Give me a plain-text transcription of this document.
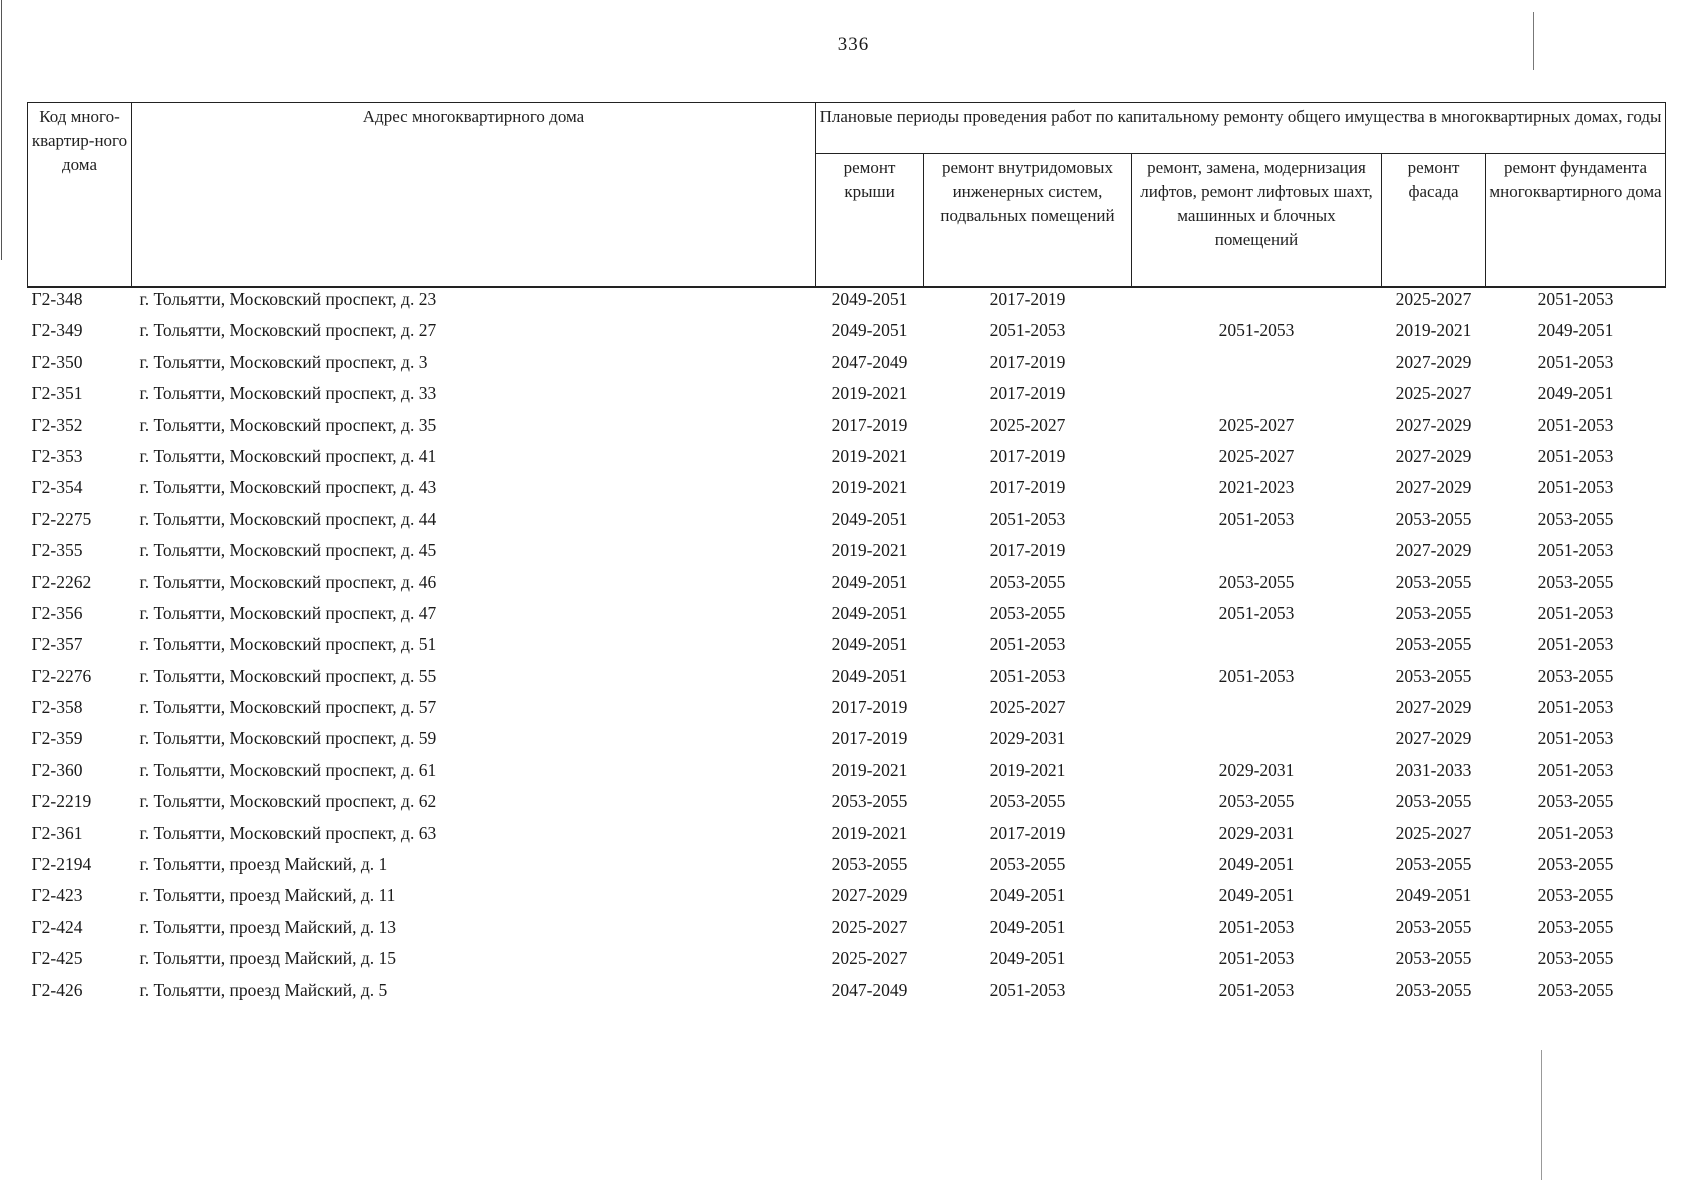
336
Код много-квартир-ного дома	Адрес многоквартирного дома	Плановые периоды проведения работ по капитальному ремонту общего имущества в многоквартирных домах, годы				
		ремонт крыши	ремонт внутридомовых инженерных систем, подвальных помещений	ремонт, замена, модернизация лифтов, ремонт лифтовых шахт, машинных и блочных помещений	ремонт фасада	ремонт фундамента многоквартирного дома
Г2-348	г. Тольятти, Московский проспект, д. 23	2049-2051	2017-2019		2025-2027	2051-2053
Г2-349	г. Тольятти, Московский проспект, д. 27	2049-2051	2051-2053	2051-2053	2019-2021	2049-2051
Г2-350	г. Тольятти, Московский проспект, д. 3	2047-2049	2017-2019		2027-2029	2051-2053
Г2-351	г. Тольятти, Московский проспект, д. 33	2019-2021	2017-2019		2025-2027	2049-2051
Г2-352	г. Тольятти, Московский проспект, д. 35	2017-2019	2025-2027	2025-2027	2027-2029	2051-2053
Г2-353	г. Тольятти, Московский проспект, д. 41	2019-2021	2017-2019	2025-2027	2027-2029	2051-2053
Г2-354	г. Тольятти, Московский проспект, д. 43	2019-2021	2017-2019	2021-2023	2027-2029	2051-2053
Г2-2275	г. Тольятти, Московский проспект, д. 44	2049-2051	2051-2053	2051-2053	2053-2055	2053-2055
Г2-355	г. Тольятти, Московский проспект, д. 45	2019-2021	2017-2019		2027-2029	2051-2053
Г2-2262	г. Тольятти, Московский проспект, д. 46	2049-2051	2053-2055	2053-2055	2053-2055	2053-2055
Г2-356	г. Тольятти, Московский проспект, д. 47	2049-2051	2053-2055	2051-2053	2053-2055	2051-2053
Г2-357	г. Тольятти, Московский проспект, д. 51	2049-2051	2051-2053		2053-2055	2051-2053
Г2-2276	г. Тольятти, Московский проспект, д. 55	2049-2051	2051-2053	2051-2053	2053-2055	2053-2055
Г2-358	г. Тольятти, Московский проспект, д. 57	2017-2019	2025-2027		2027-2029	2051-2053
Г2-359	г. Тольятти, Московский проспект, д. 59	2017-2019	2029-2031		2027-2029	2051-2053
Г2-360	г. Тольятти, Московский проспект, д. 61	2019-2021	2019-2021	2029-2031	2031-2033	2051-2053
Г2-2219	г. Тольятти, Московский проспект, д. 62	2053-2055	2053-2055	2053-2055	2053-2055	2053-2055
Г2-361	г. Тольятти, Московский проспект, д. 63	2019-2021	2017-2019	2029-2031	2025-2027	2051-2053
Г2-2194	г. Тольятти, проезд Майский, д. 1	2053-2055	2053-2055	2049-2051	2053-2055	2053-2055
Г2-423	г. Тольятти, проезд Майский, д. 11	2027-2029	2049-2051	2049-2051	2049-2051	2053-2055
Г2-424	г. Тольятти, проезд Майский, д. 13	2025-2027	2049-2051	2051-2053	2053-2055	2053-2055
Г2-425	г. Тольятти, проезд Майский, д. 15	2025-2027	2049-2051	2051-2053	2053-2055	2053-2055
Г2-426	г. Тольятти, проезд Майский, д. 5	2047-2049	2051-2053	2051-2053	2053-2055	2053-2055
